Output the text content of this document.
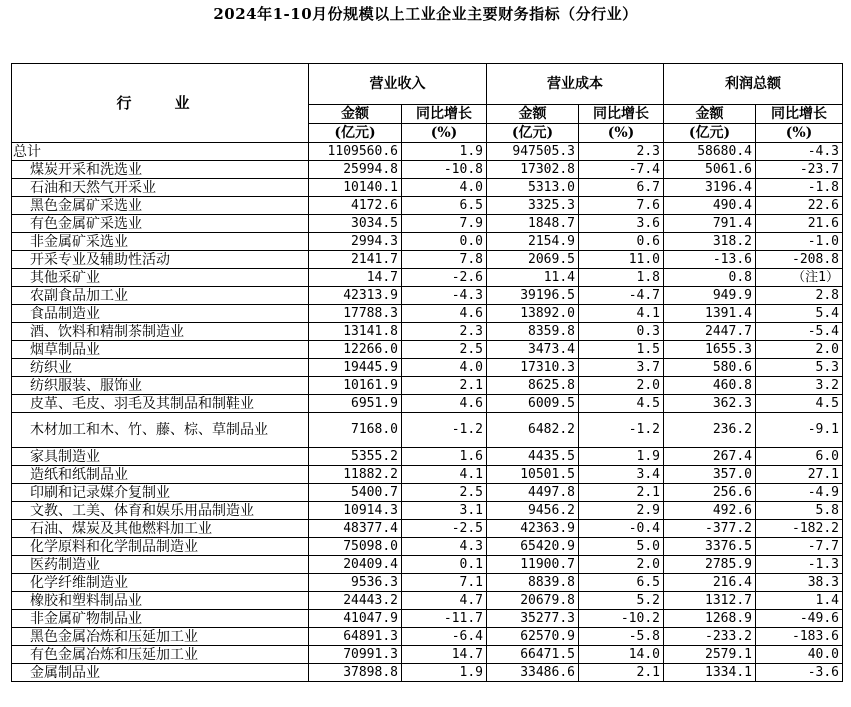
2024年1-10月份规模以上工业企业主要财务指标（分行业）
行　业	营业收入		营业成本		利润总额	
	金额	同比增长	金额	同比增长	金额	同比增长
	(亿元)	(%)	(亿元)	(%)	(亿元)	(%)
总计	1109560.6	1.9	947505.3	2.3	58680.4	-4.3
煤炭开采和洗选业	25994.8	-10.8	17302.8	-7.4	5061.6	-23.7
石油和天然气开采业	10140.1	4.0	5313.0	6.7	3196.4	-1.8
黑色金属矿采选业	4172.6	6.5	3325.3	7.6	490.4	22.6
有色金属矿采选业	3034.5	7.9	1848.7	3.6	791.4	21.6
非金属矿采选业	2994.3	0.0	2154.9	0.6	318.2	-1.0
开采专业及辅助性活动	2141.7	7.8	2069.5	11.0	-13.6	-208.8
其他采矿业	14.7	-2.6	11.4	1.8	0.8	（注1）
农副食品加工业	42313.9	-4.3	39196.5	-4.7	949.9	2.8
食品制造业	17788.3	4.6	13892.0	4.1	1391.4	5.4
酒、饮料和精制茶制造业	13141.8	2.3	8359.8	0.3	2447.7	-5.4
烟草制品业	12266.0	2.5	3473.4	1.5	1655.3	2.0
纺织业	19445.9	4.0	17310.3	3.7	580.6	5.3
纺织服装、服饰业	10161.9	2.1	8625.8	2.0	460.8	3.2
皮革、毛皮、羽毛及其制品和制鞋业	6951.9	4.6	6009.5	4.5	362.3	4.5
木材加工和木、竹、藤、棕、草制品业	7168.0	-1.2	6482.2	-1.2	236.2	-9.1
家具制造业	5355.2	1.6	4435.5	1.9	267.4	6.0
造纸和纸制品业	11882.2	4.1	10501.5	3.4	357.0	27.1
印刷和记录媒介复制业	5400.7	2.5	4497.8	2.1	256.6	-4.9
文教、工美、体育和娱乐用品制造业	10914.3	3.1	9456.2	2.9	492.6	5.8
石油、煤炭及其他燃料加工业	48377.4	-2.5	42363.9	-0.4	-377.2	-182.2
化学原料和化学制品制造业	75098.0	4.3	65420.9	5.0	3376.5	-7.7
医药制造业	20409.4	0.1	11900.7	2.0	2785.9	-1.3
化学纤维制造业	9536.3	7.1	8839.8	6.5	216.4	38.3
橡胶和塑料制品业	24443.2	4.7	20679.8	5.2	1312.7	1.4
非金属矿物制品业	41047.9	-11.7	35277.3	-10.2	1268.9	-49.6
黑色金属冶炼和压延加工业	64891.3	-6.4	62570.9	-5.8	-233.2	-183.6
有色金属冶炼和压延加工业	70991.3	14.7	66471.5	14.0	2579.1	40.0
金属制品业	37898.8	1.9	33486.6	2.1	1334.1	-3.6
